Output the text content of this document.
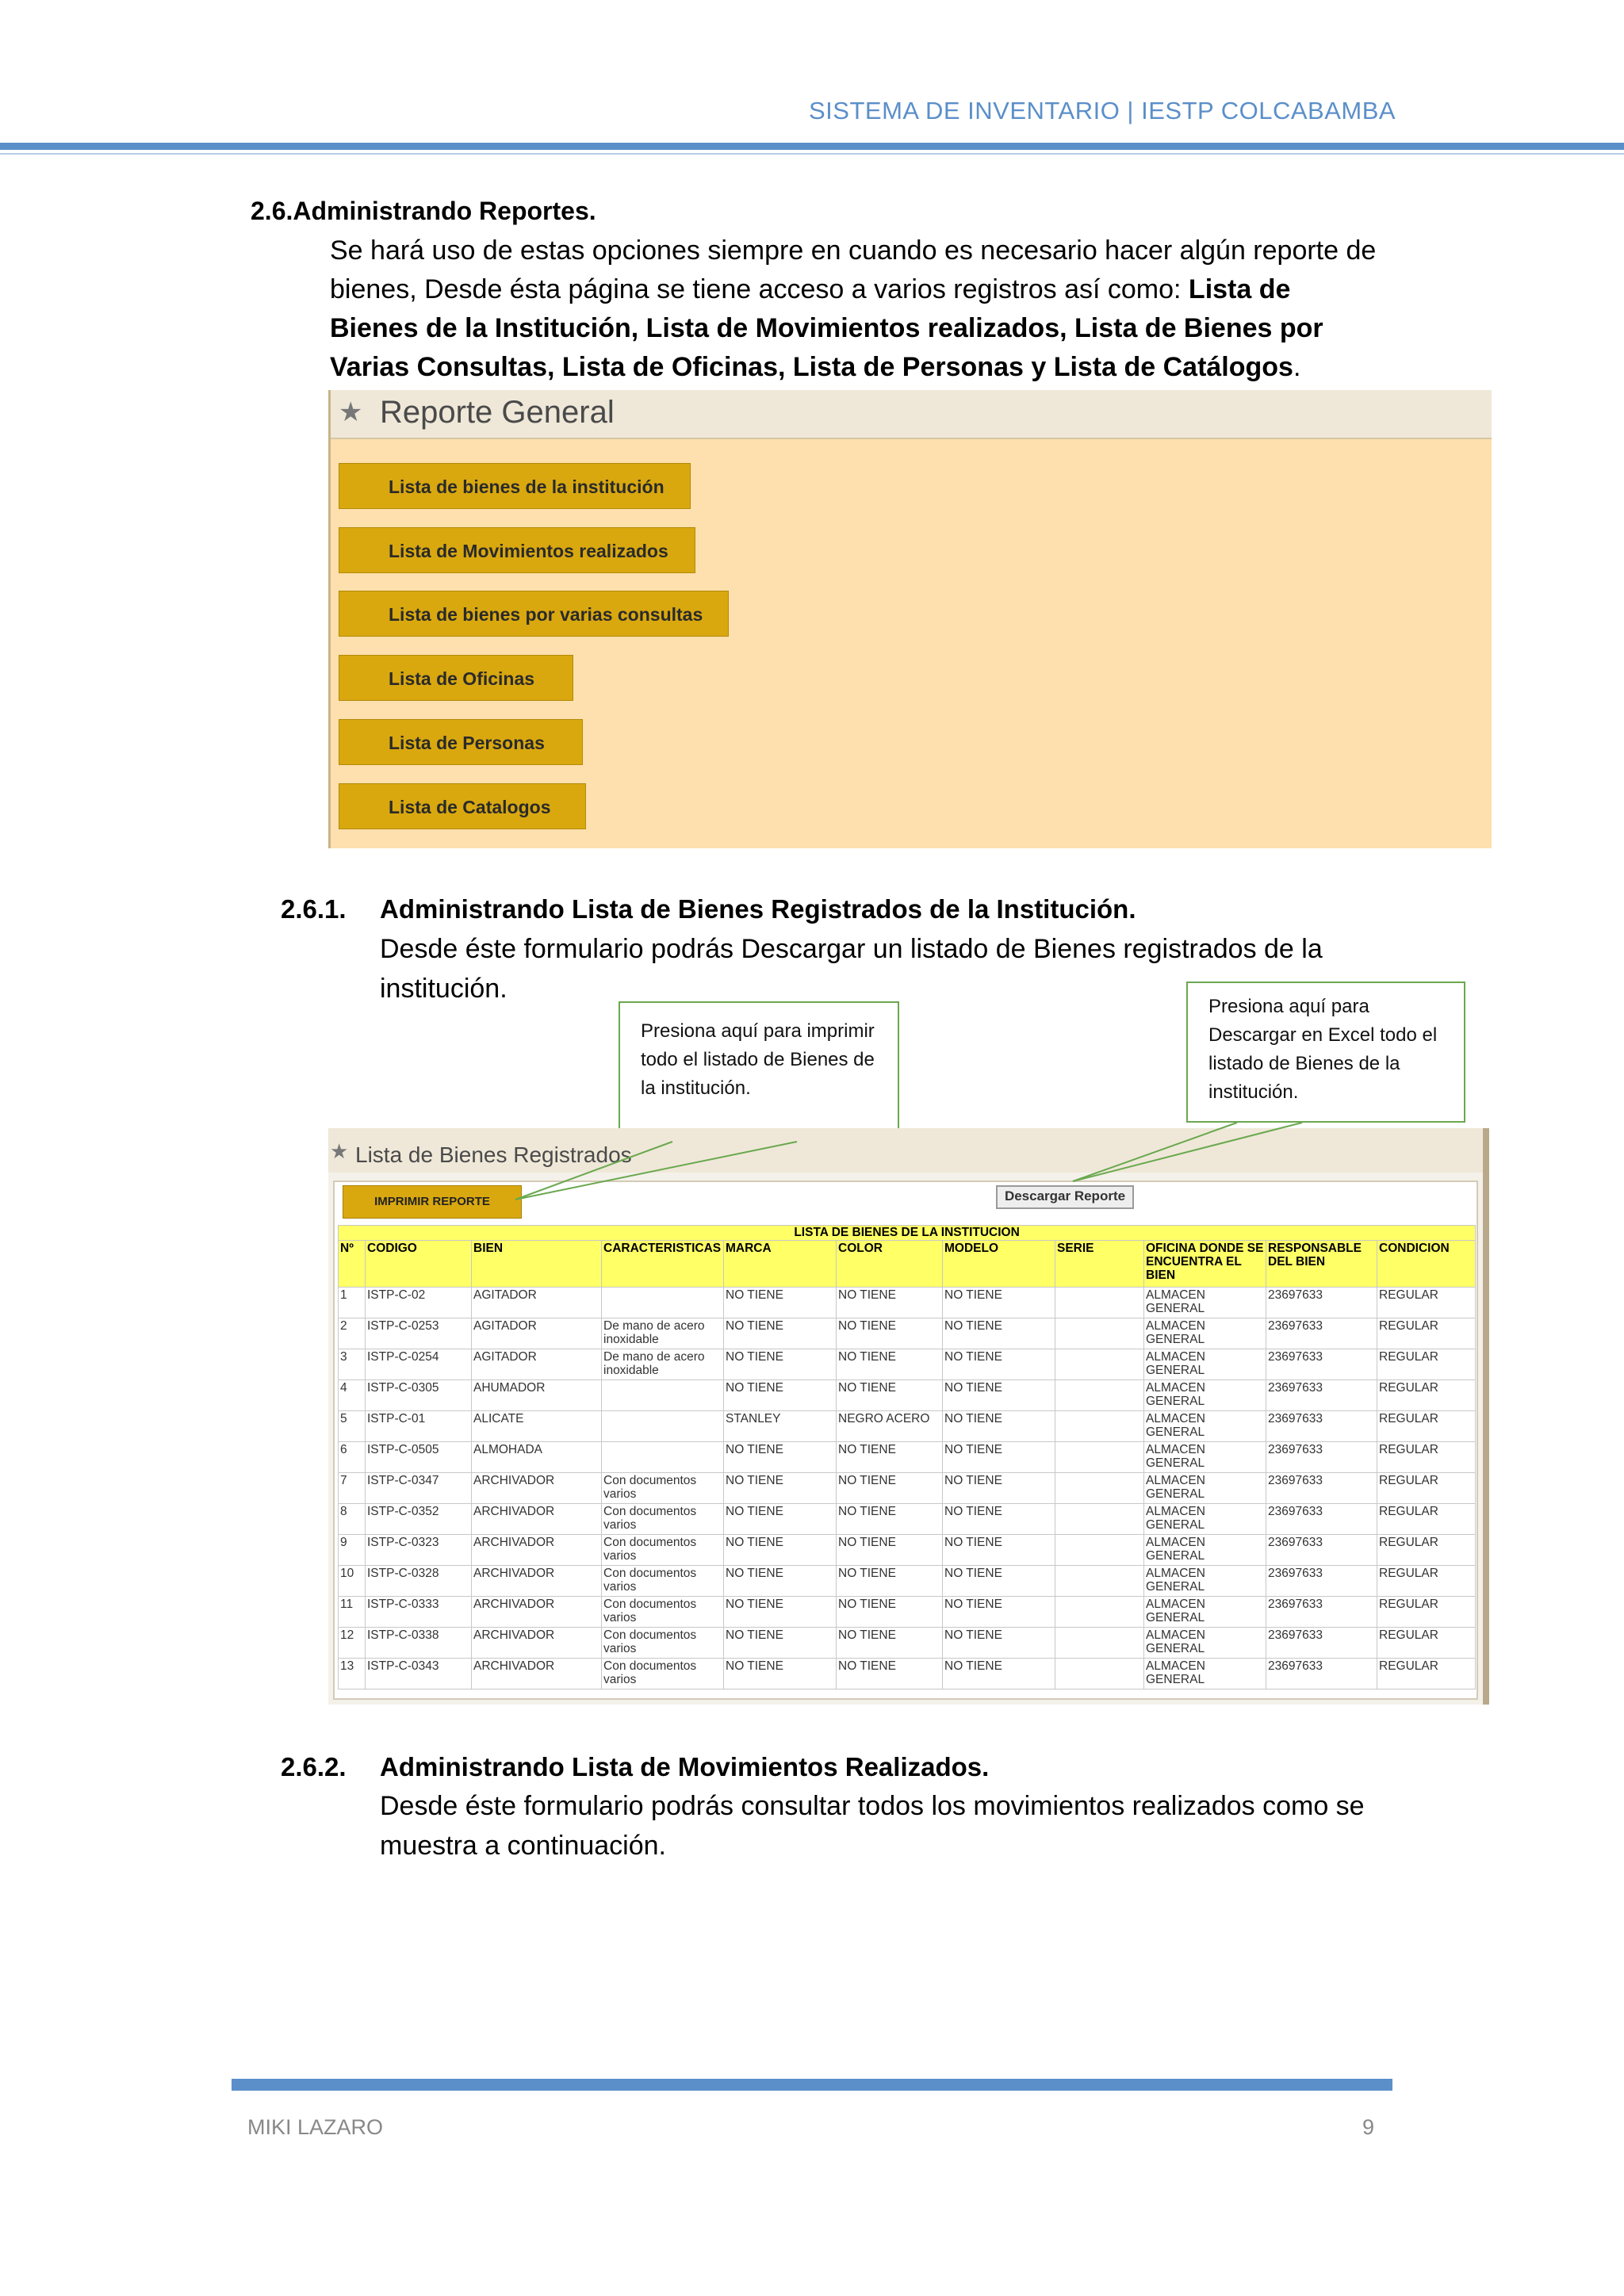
SISTEMA DE INVENTARIO | IESTP COLCABAMBA
2.6.Administrando Reportes.
Se hará uso de estas opciones siempre en cuando es necesario hacer algún reporte de bienes, Desde ésta página se tiene acceso a varios registros así como: Lista de Bienes de la Institución, Lista de Movimientos realizados, Lista de Bienes por Varias Consultas, Lista de Oficinas, Lista de Personas y Lista de Catálogos.
★ Reporte General
Lista de bienes de la institución
Lista de Movimientos realizados
Lista de bienes por varias consultas
Lista de Oficinas
Lista de Personas
Lista de Catalogos
2.6.1. Administrando Lista de Bienes Registrados de la Institución.
Desde éste formulario podrás Descargar un listado de Bienes registrados de la institución.
Presiona aquí para imprimir todo el listado de Bienes de la institución.
Presiona aquí para Descargar en Excel todo el listado de Bienes de la institución.
★ Lista de Bienes Registrados
IMPRIMIR REPORTE	Descargar Reporte
LISTA DE BIENES DE LA INSTITUCION										
Nº	CODIGO	BIEN	CARACTERISTICAS	MARCA	COLOR	MODELO	SERIE	OFICINA DONDE SE ENCUENTRA EL BIEN	RESPONSABLE DEL BIEN	CONDICION
1	ISTP-C-02	AGITADOR		NO TIENE	NO TIENE	NO TIENE		ALMACEN GENERAL	23697633	REGULAR
2	ISTP-C-0253	AGITADOR	De mano de acero inoxidable	NO TIENE	NO TIENE	NO TIENE		ALMACEN GENERAL	23697633	REGULAR
3	ISTP-C-0254	AGITADOR	De mano de acero inoxidable	NO TIENE	NO TIENE	NO TIENE		ALMACEN GENERAL	23697633	REGULAR
4	ISTP-C-0305	AHUMADOR		NO TIENE	NO TIENE	NO TIENE		ALMACEN GENERAL	23697633	REGULAR
5	ISTP-C-01	ALICATE		STANLEY	NEGRO ACERO	NO TIENE		ALMACEN GENERAL	23697633	REGULAR
6	ISTP-C-0505	ALMOHADA		NO TIENE	NO TIENE	NO TIENE		ALMACEN GENERAL	23697633	REGULAR
7	ISTP-C-0347	ARCHIVADOR	Con documentos varios	NO TIENE	NO TIENE	NO TIENE		ALMACEN GENERAL	23697633	REGULAR
8	ISTP-C-0352	ARCHIVADOR	Con documentos varios	NO TIENE	NO TIENE	NO TIENE		ALMACEN GENERAL	23697633	REGULAR
9	ISTP-C-0323	ARCHIVADOR	Con documentos varios	NO TIENE	NO TIENE	NO TIENE		ALMACEN GENERAL	23697633	REGULAR
10	ISTP-C-0328	ARCHIVADOR	Con documentos varios	NO TIENE	NO TIENE	NO TIENE		ALMACEN GENERAL	23697633	REGULAR
11	ISTP-C-0333	ARCHIVADOR	Con documentos varios	NO TIENE	NO TIENE	NO TIENE		ALMACEN GENERAL	23697633	REGULAR
12	ISTP-C-0338	ARCHIVADOR	Con documentos varios	NO TIENE	NO TIENE	NO TIENE		ALMACEN GENERAL	23697633	REGULAR
13	ISTP-C-0343	ARCHIVADOR	Con documentos varios	NO TIENE	NO TIENE	NO TIENE		ALMACEN GENERAL	23697633	REGULAR
2.6.2. Administrando Lista de Movimientos Realizados.
Desde éste formulario podrás consultar todos los movimientos realizados como se muestra a continuación.
MIKI LAZARO	9
